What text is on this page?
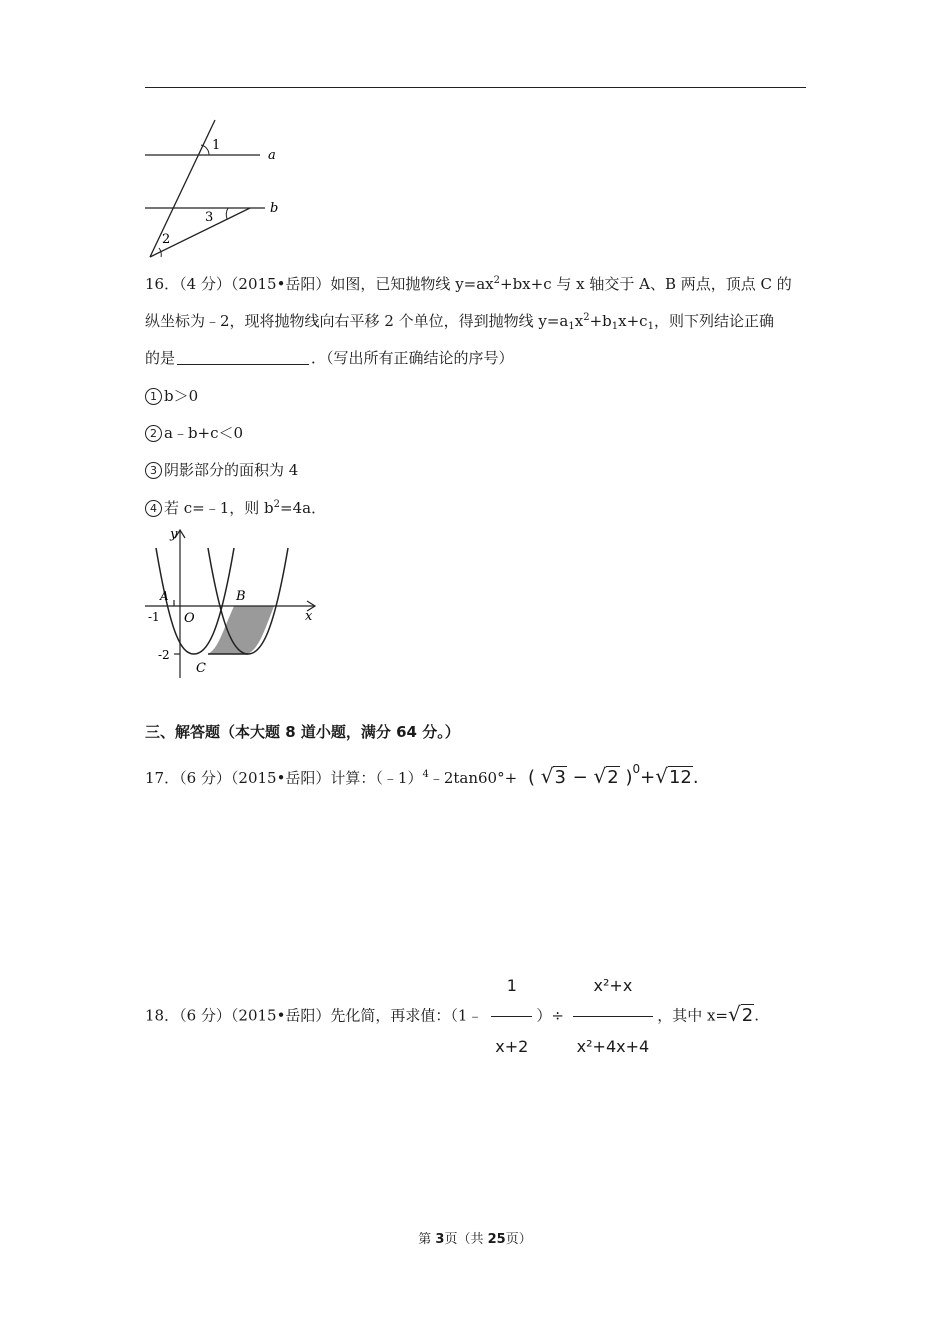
1
2
3
a
b
16．（4 分）（2015•岳阳）如图，已知抛物线 $y=ax^2+bx+c$ 与 x 轴交于 A、B 两点，顶点 C 的
纵坐标为﹣2，现将抛物线向右平移 2 个单位，得到抛物线 $y=a_1x^2+b_1x+c_1$，则下列结论正确
的是	．（写出所有正确结论的序号）
1 b＞0
2 a﹣b+c＜0
3 阴影部分的面积为 4
4 若 c=﹣1，则 $b^2=4a$．
y
x
A
O
B
C
-1
-2
三、解答题（本大题 8 道小题，满分 64 分。）
17．（6 分）（2015•岳阳）计算：（﹣1）$^4$﹣2tan60°+ ( √3 − √2 )$^0$+√12.
18．（6 分）（2015•岳阳）先化简，再求值：（1﹣ $\frac{1}{x+2}$ ）÷ $\frac{\text{x²+x}}{\text{x²+4x+4}}$ ，其中 x=√2.
第 3页（共 25页）
